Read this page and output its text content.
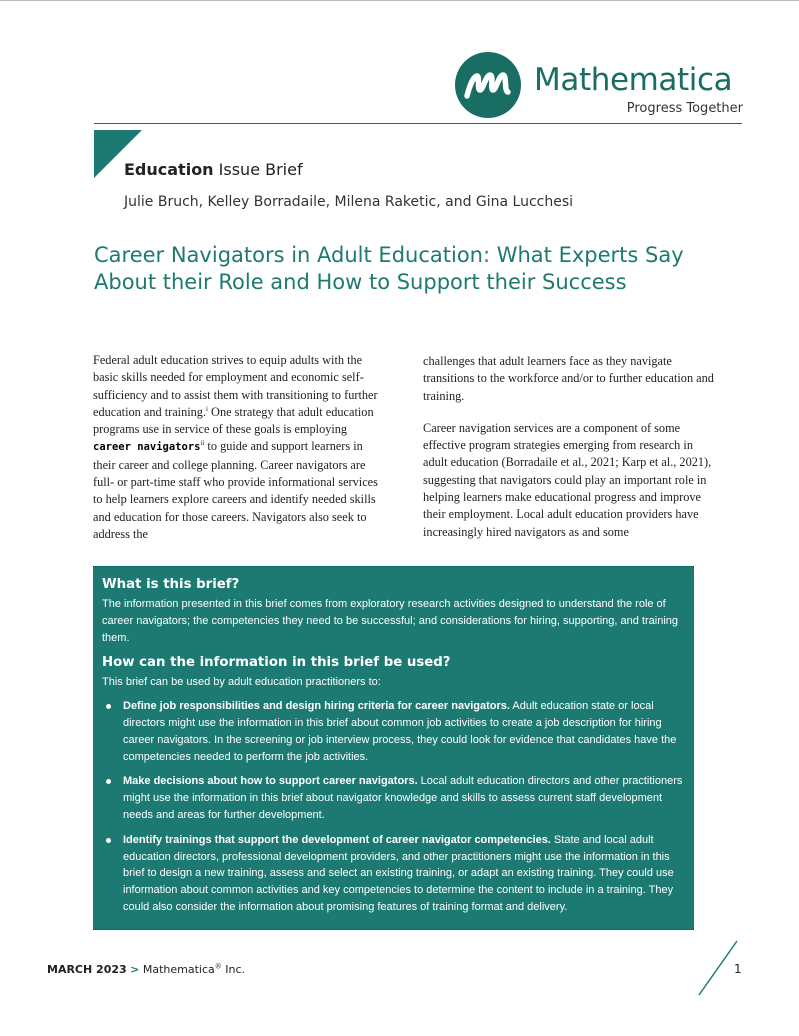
Mathematica
Progress Together
Education Issue Brief
Julie Bruch, Kelley Borradaile, Milena Raketic, and Gina Lucchesi
Career Navigators in Adult Education: What Experts Say About their Role and How to Support their Success

Federal adult education strives to equip adults with the basic skills needed for employment and economic self-sufficiency and to assist them with transitioning to further education and training.$^i$ One strategy that adult education programs use in service of these goals is employing career navigators$^{ii}$ to guide and support learners in their career and college planning. Career navigators are full- or part-time staff who provide informational services to help learners explore careers and identify needed skills and education for those careers. Navigators also seek to address the

challenges that adult learners face as they navigate transitions to the workforce and/or to further education and training.

Career navigation services are a component of some effective program strategies emerging from research in adult education (Borradaile et al., 2021; Karp et al., 2021), suggesting that navigators could play an important role in helping learners make educational progress and improve their employment. Local adult education providers have increasingly hired navigators as and some

What is this brief?

The information presented in this brief comes from exploratory research activities designed to understand the role of career navigators; the competencies they need to be successful; and considerations for hiring, supporting, and training them.

How can the information in this brief be used?

This brief can be used by adult education practitioners to:

Define job responsibilities and design hiring criteria for career navigators. Adult education state or local directors might use the information in this brief about common job activities to create a job description for hiring career navigators. In the screening or job interview process, they could look for evidence that candidates have the competencies needed to perform the job activities.
Make decisions about how to support career navigators. Local adult education directors and other practitioners might use the information in this brief about navigator knowledge and skills to assess current staff development needs and areas for further development.
Identify trainings that support the development of career navigator competencies. State and local adult education directors, professional development providers, and other practitioners might use the information in this brief to design a new training, assess and select an existing training, or adapt an existing training. They could use information about common activities and key competencies to determine the content to include in a training. They could also consider the information about promising features of training format and delivery.
MARCH 2023 > Mathematica® Inc.	1
